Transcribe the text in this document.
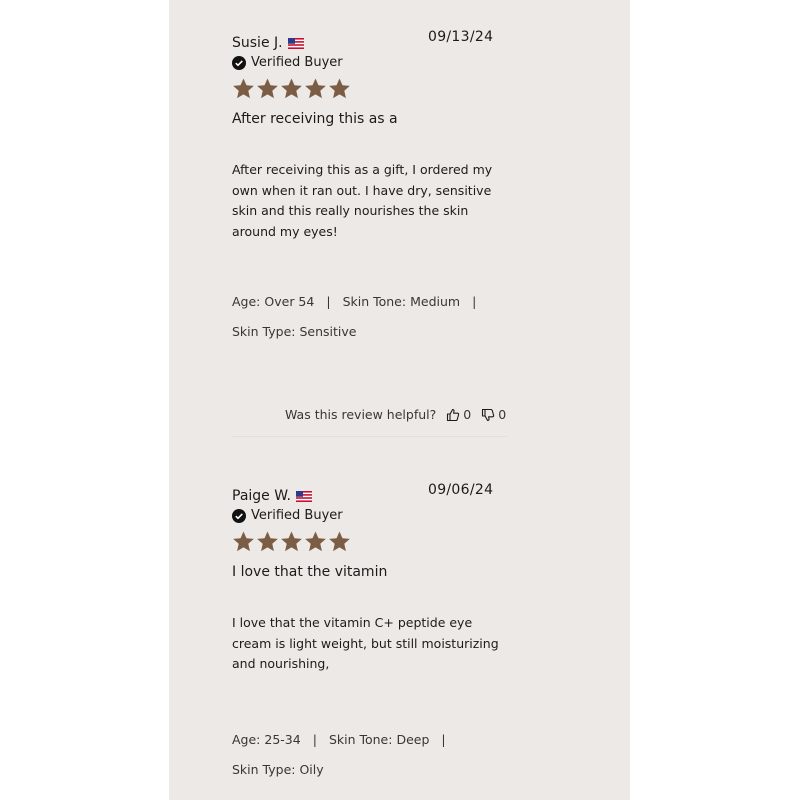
Susie J.	09/13/24
Verified Buyer
After receiving this as a
After receiving this as a gift, I ordered my own when it ran out. I have dry, sensitive skin and this really nourishes the skin around my eyes!
Age: Over 54 | Skin Tone: Medium |
Skin Type: Sensitive
Was this review helpful? 0 0
Paige W.	09/06/24
Verified Buyer
I love that the vitamin
I love that the vitamin C+ peptide eye cream is light weight, but still moisturizing and nourishing,
Age: 25-34 | Skin Tone: Deep |
Skin Type: Oily
